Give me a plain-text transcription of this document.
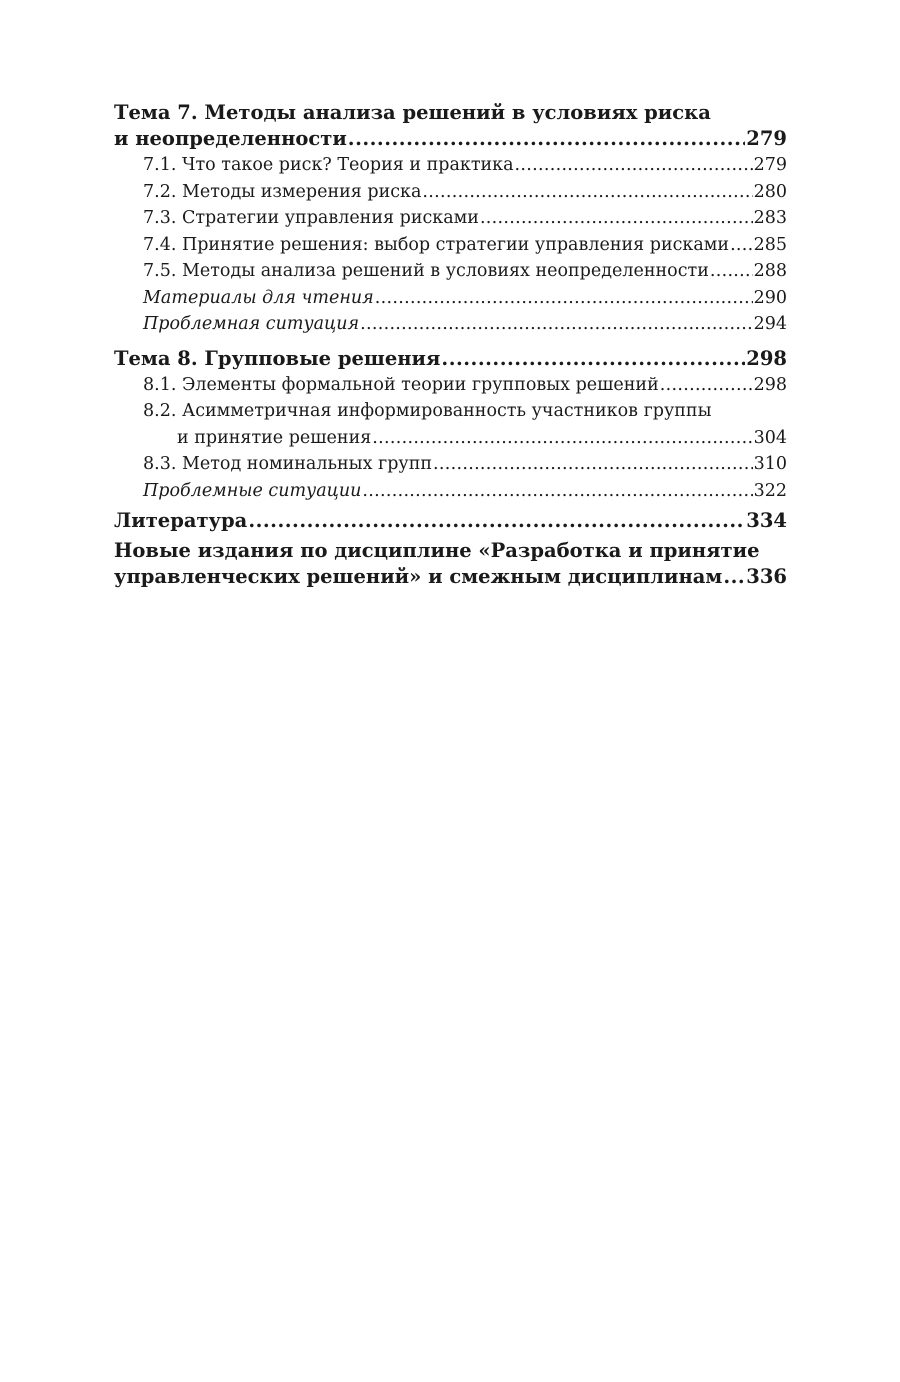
Тема 7. Методы анализа решений в условиях риска
и неопределенности .....	279
7.1. Что такое риск? Теория и практика .....	279
7.2. Методы измерения риска .....	280
7.3. Стратегии управления рисками .....	283
7.4. Принятие решения: выбор стратегии управления рисками ..... 285
7.5. Методы анализа решений в условиях неопределенности .....	288
Материалы для чтения .....	290
Проблемная ситуация .....	294
Тема 8. Групповые решения .....	298
8.1. Элементы формальной теории групповых решений .....	298
8.2. Асимметричная информированность участников группы
и принятие решения .....	304
8.3. Метод номинальных групп .....	310
Проблемные ситуации .....	322
Литература .....	334
Новые издания по дисциплине «Разработка и принятие
управленческих решений» и смежным дисциплинам ..... 336
